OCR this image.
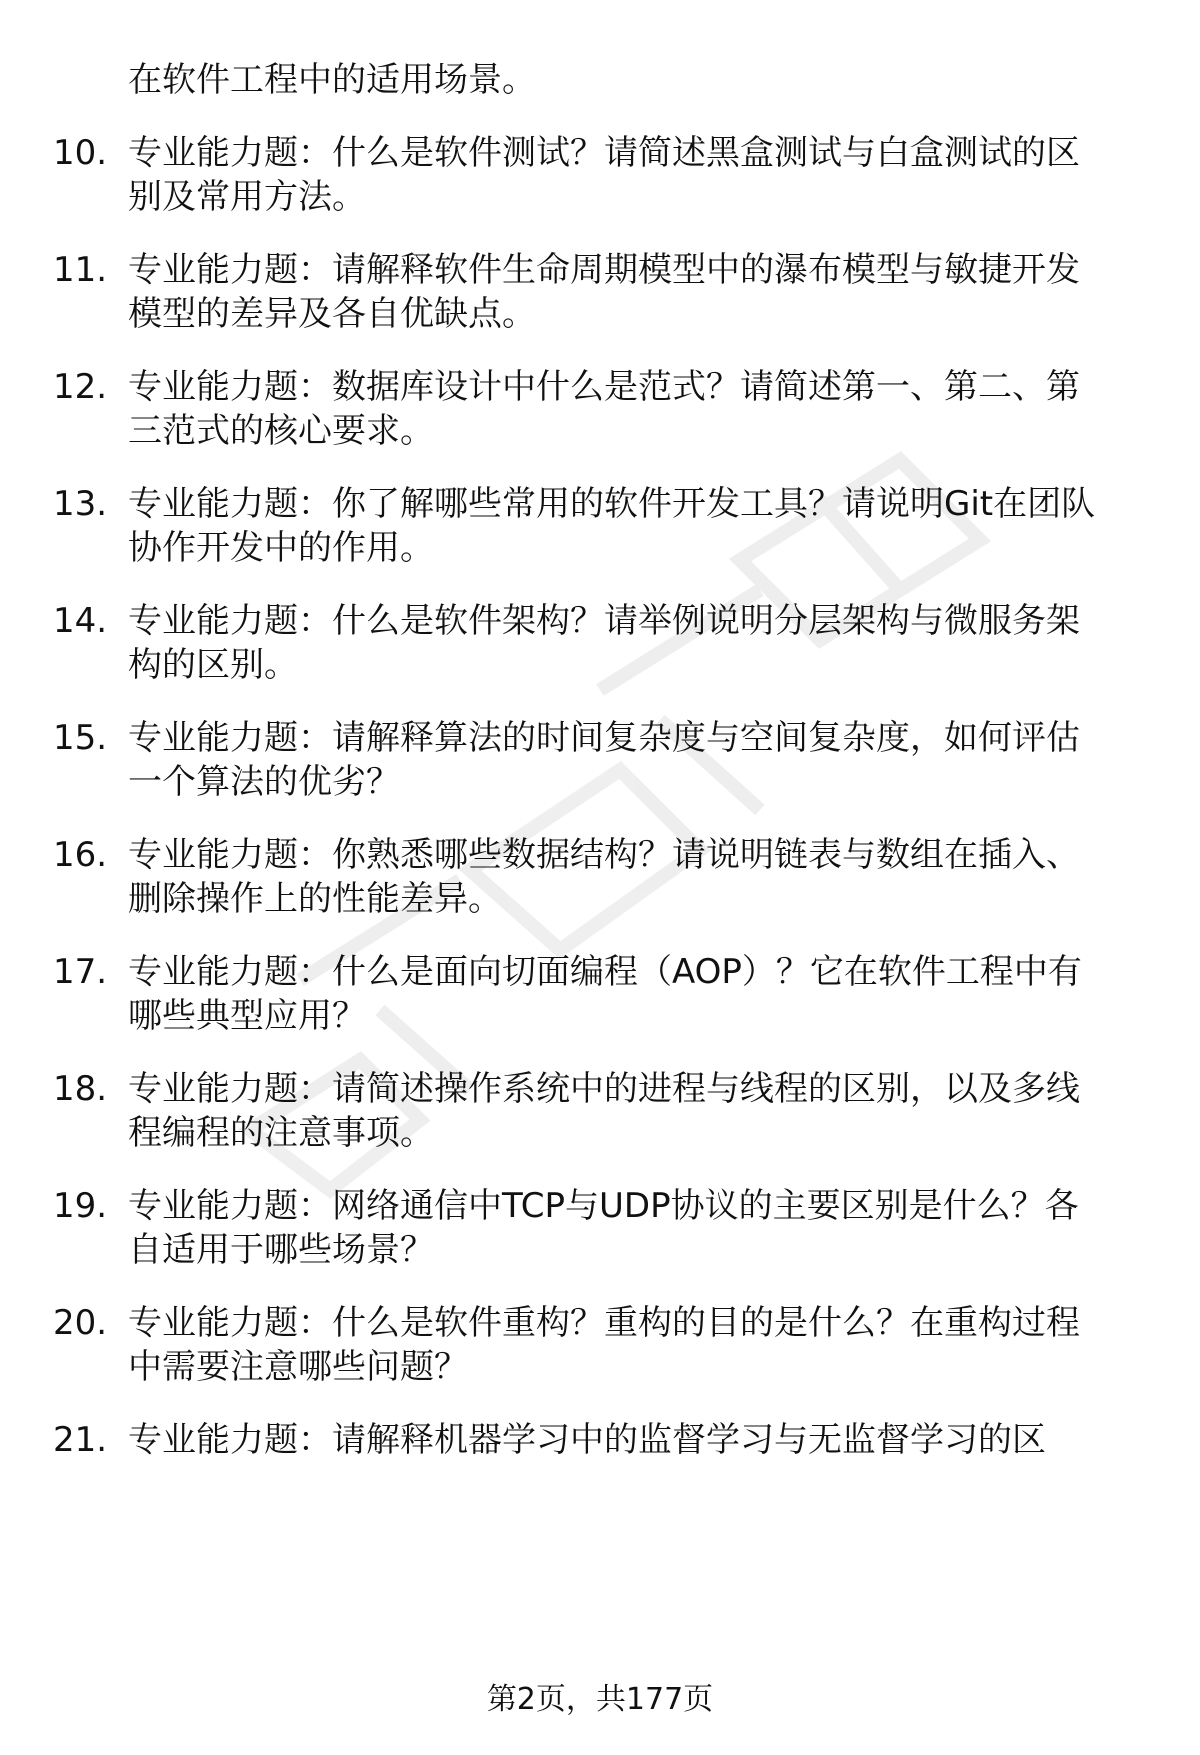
在软件工程中的适用场景。
10. 专业能力题：什么是软件测试？请简述黑盒测试与白盒测试的区
别及常用方法。
11. 专业能力题：请解释软件生命周期模型中的瀑布模型与敏捷开发
模型的差异及各自优缺点。
12. 专业能力题：数据库设计中什么是范式？请简述第一、第二、第
三范式的核心要求。
13. 专业能力题：你了解哪些常用的软件开发工具？请说明Git在团队
协作开发中的作用。
14. 专业能力题：什么是软件架构？请举例说明分层架构与微服务架
构的区别。
15. 专业能力题：请解释算法的时间复杂度与空间复杂度，如何评估
一个算法的优劣？
16. 专业能力题：你熟悉哪些数据结构？请说明链表与数组在插入、
删除操作上的性能差异。
17. 专业能力题：什么是面向切面编程（AOP）？它在软件工程中有
哪些典型应用？
18. 专业能力题：请简述操作系统中的进程与线程的区别，以及多线
程编程的注意事项。
19. 专业能力题：网络通信中TCP与UDP协议的主要区别是什么？各
自适用于哪些场景？
20. 专业能力题：什么是软件重构？重构的目的是什么？在重构过程
中需要注意哪些问题？
21. 专业能力题：请解释机器学习中的监督学习与无监督学习的区
第2页，共177页
